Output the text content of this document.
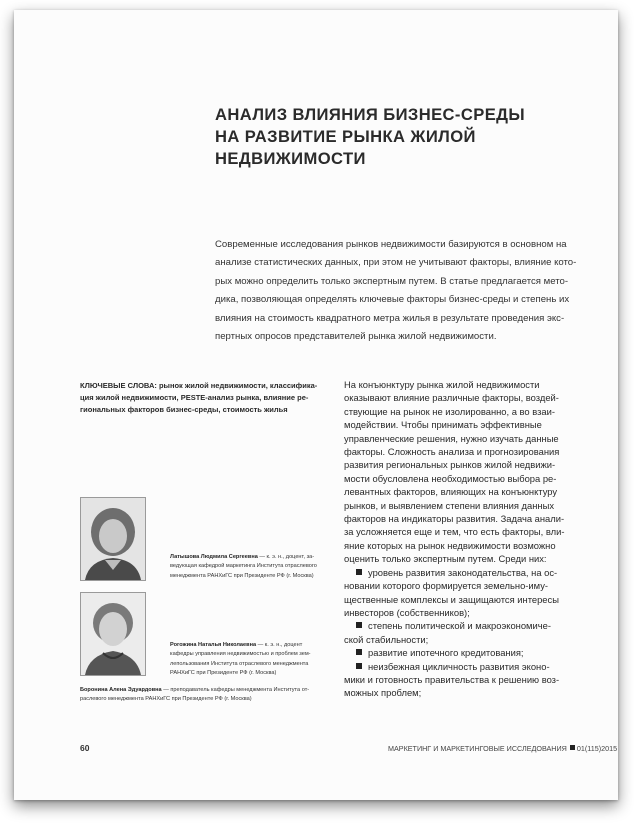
АНАЛИЗ ВЛИЯНИЯ БИЗНЕС-СРЕДЫ
НА РАЗВИТИЕ РЫНКА ЖИЛОЙ
НЕДВИЖИМОСТИ
Современные исследования рынков недвижимости базируются в основном на
анализе статистических данных, при этом не учитывают факторы, влияние кото-
рых можно определить только экспертным путем. В статье предлагается мето-
дика, позволяющая определять ключевые факторы бизнес-среды и степень их
влияния на стоимость квадратного метра жилья в результате проведения экс-
пертных опросов представителей рынка жилой недвижимости.
КЛЮЧЕВЫЕ СЛОВА: рынок жилой недвижимости, классифика-
ция жилой недвижимости, PESTE-анализ рынка, влияние ре-
гиональных факторов бизнес-среды, стоимость жилья
Латышова Людмила Сергеевна — к. э. н., доцент, за-
ведующая кафедрой маркетинга Института отраслевого
менеджмента РАНХиГС при Президенте РФ (г. Москва)
Рогожина Наталья Николаевна — к. э. н., доцент
кафедры управления недвижимостью и проблем зем-
лепользования Института отраслевого менеджмента
РАНХиГС при Президенте РФ (г. Москва)
Боронина Алена Эдуардовна — преподаватель кафедры менеджмента Института от-
раслевого менеджмента РАНХиГС при Президенте РФ (г. Москва)
На конъюнктуру рынка жилой недвижимости
оказывают влияние различные факторы, воздей-
ствующие на рынок не изолированно, а во взаи-
модействии. Чтобы принимать эффективные
управленческие решения, нужно изучать данные
факторы. Сложность анализа и прогнозирования
развития региональных рынков жилой недвижи-
мости обусловлена необходимостью выбора ре-
левантных факторов, влияющих на конъюнктуру
рынков, и выявлением степени влияния данных
факторов на индикаторы развития. Задача анали-
за усложняется еще и тем, что есть факторы, вли-
яние которых на рынок недвижимости возможно
оценить только экспертным путем. Среди них:
уровень развития законодательства, на ос-
новании которого формируется земельно-иму-
щественные комплексы и защищаются интересы
инвесторов (собственников);
степень политической и макроэкономиче-
ской стабильности;
развитие ипотечного кредитования;
неизбежная цикличность развития эконо-
мики и готовность правительства к решению воз-
можных проблем;
60	МАРКЕТИНГ И МАРКЕТИНГОВЫЕ ИССЛЕДОВАНИЯ 01(115)2015
